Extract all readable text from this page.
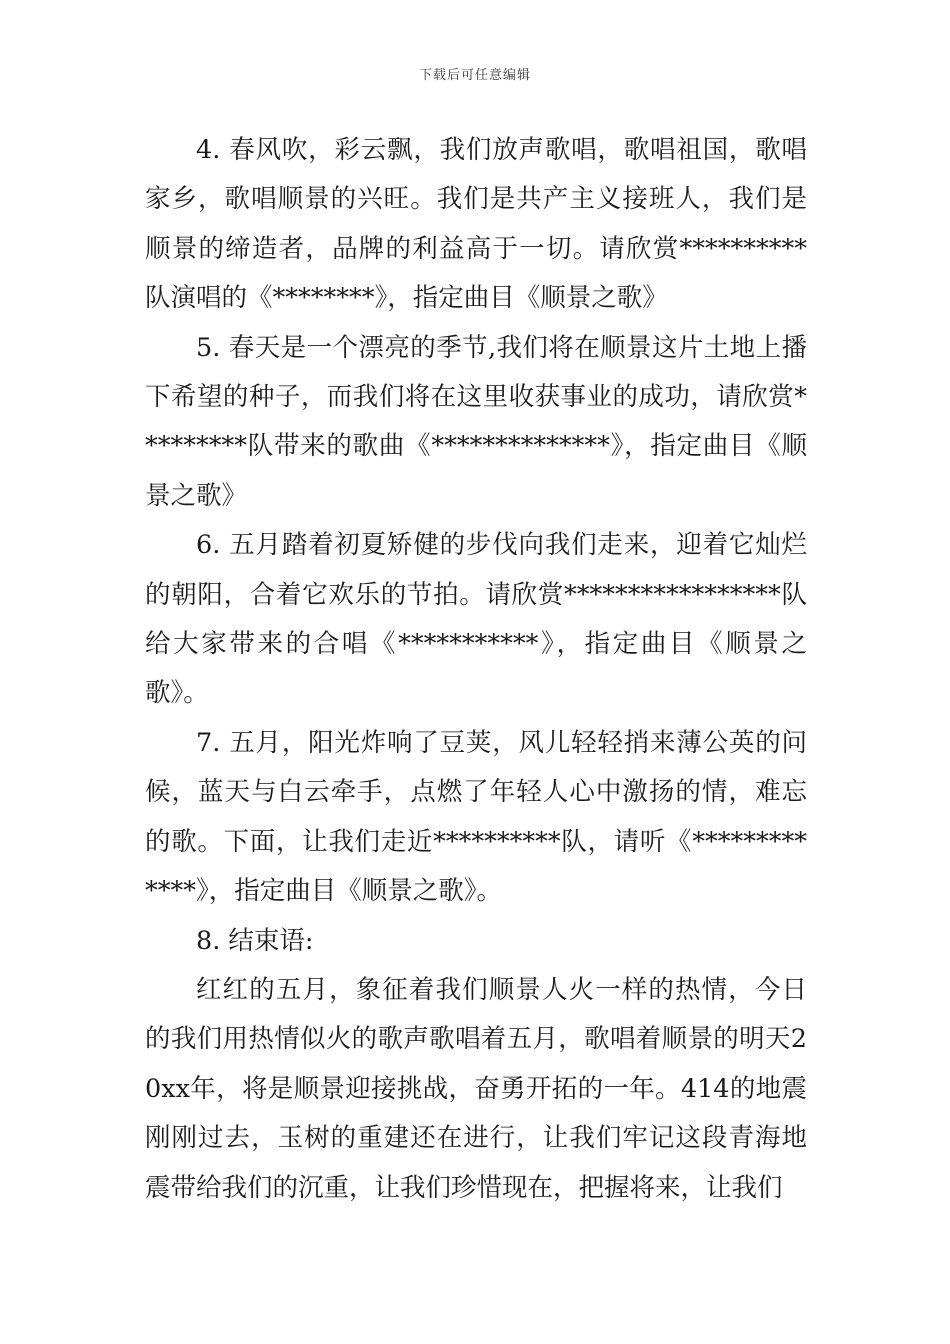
下载后可任意编辑

4. 春风吹，彩云飘，我们放声歌唱，歌唱祖国，歌唱家乡，歌唱顺景的兴旺。我们是共产主义接班人，我们是顺景的缔造者，品牌的利益高于一切。请欣赏**********队演唱的《********》，指定曲目《顺景之歌》

5. 春天是一个漂亮的季节,我们将在顺景这片土地上播下希望的种子，而我们将在这里收获事业的成功，请欣赏*********队带来的歌曲《**************》，指定曲目《顺景之歌》

6. 五月踏着初夏矫健的步伐向我们走来，迎着它灿烂的朝阳，合着它欢乐的节拍。请欣赏*****************队给大家带来的合唱《***********》，指定曲目《顺景之歌》。

7. 五月，阳光炸响了豆荚，风儿轻轻捎来薄公英的问候，蓝天与白云牵手，点燃了年轻人心中激扬的情，难忘的歌。下面，让我们走近**********队，请听《*************》，指定曲目《顺景之歌》。

8. 结束语:

红红的五月，象征着我们顺景人火一样的热情，今日的我们用热情似火的歌声歌唱着五月，歌唱着顺景的明天20xx年，将是顺景迎接挑战，奋勇开拓的一年。414的地震刚刚过去，玉树的重建还在进行，让我们牢记这段青海地震带给我们的沉重，让我们珍惜现在，把握将来，让我们
